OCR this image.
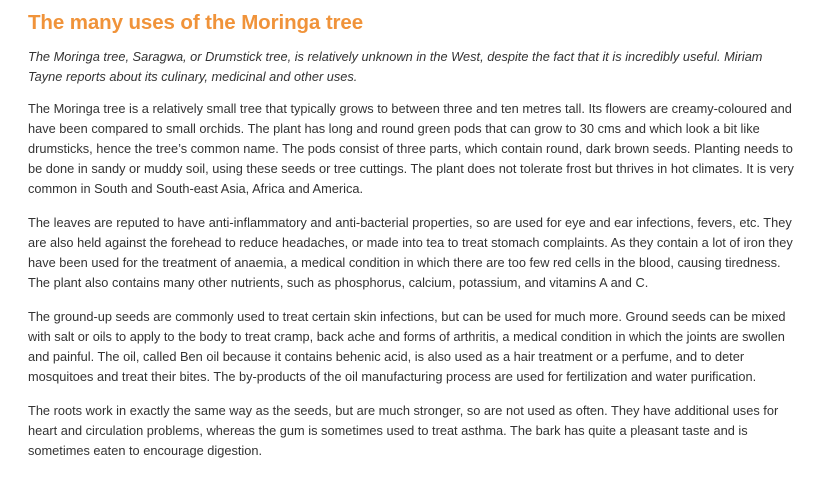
The many uses of the Moringa tree

The Moringa tree, Saragwa, or Drumstick tree, is relatively unknown in the West, despite the fact that it is incredibly useful. Miriam Tayne reports about its culinary, medicinal and other uses.

The Moringa tree is a relatively small tree that typically grows to between three and ten metres tall. Its flowers are creamy-coloured and have been compared to small orchids. The plant has long and round green pods that can grow to 30 cms and which look a bit like drumsticks, hence the tree’s common name. The pods consist of three parts, which contain round, dark brown seeds. Planting needs to be done in sandy or muddy soil, using these seeds or tree cuttings. The plant does not tolerate frost but thrives in hot climates. It is very common in South and South-east Asia, Africa and America.

The leaves are reputed to have anti-inflammatory and anti-bacterial properties, so are used for eye and ear infections, fevers, etc. They are also held against the forehead to reduce headaches, or made into tea to treat stomach complaints. As they contain a lot of iron they have been used for the treatment of anaemia, a medical condition in which there are too few red cells in the blood, causing tiredness. The plant also contains many other nutrients, such as phosphorus, calcium, potassium, and vitamins A and C.

The ground-up seeds are commonly used to treat certain skin infections, but can be used for much more. Ground seeds can be mixed with salt or oils to apply to the body to treat cramp, back ache and forms of arthritis, a medical condition in which the joints are swollen and painful. The oil, called Ben oil because it contains behenic acid, is also used as a hair treatment or a perfume, and to deter mosquitoes and treat their bites. The by-products of the oil manufacturing process are used for fertilization and water purification.

The roots work in exactly the same way as the seeds, but are much stronger, so are not used as often. They have additional uses for heart and circulation problems, whereas the gum is sometimes used to treat asthma. The bark has quite a pleasant taste and is sometimes eaten to encourage digestion.
